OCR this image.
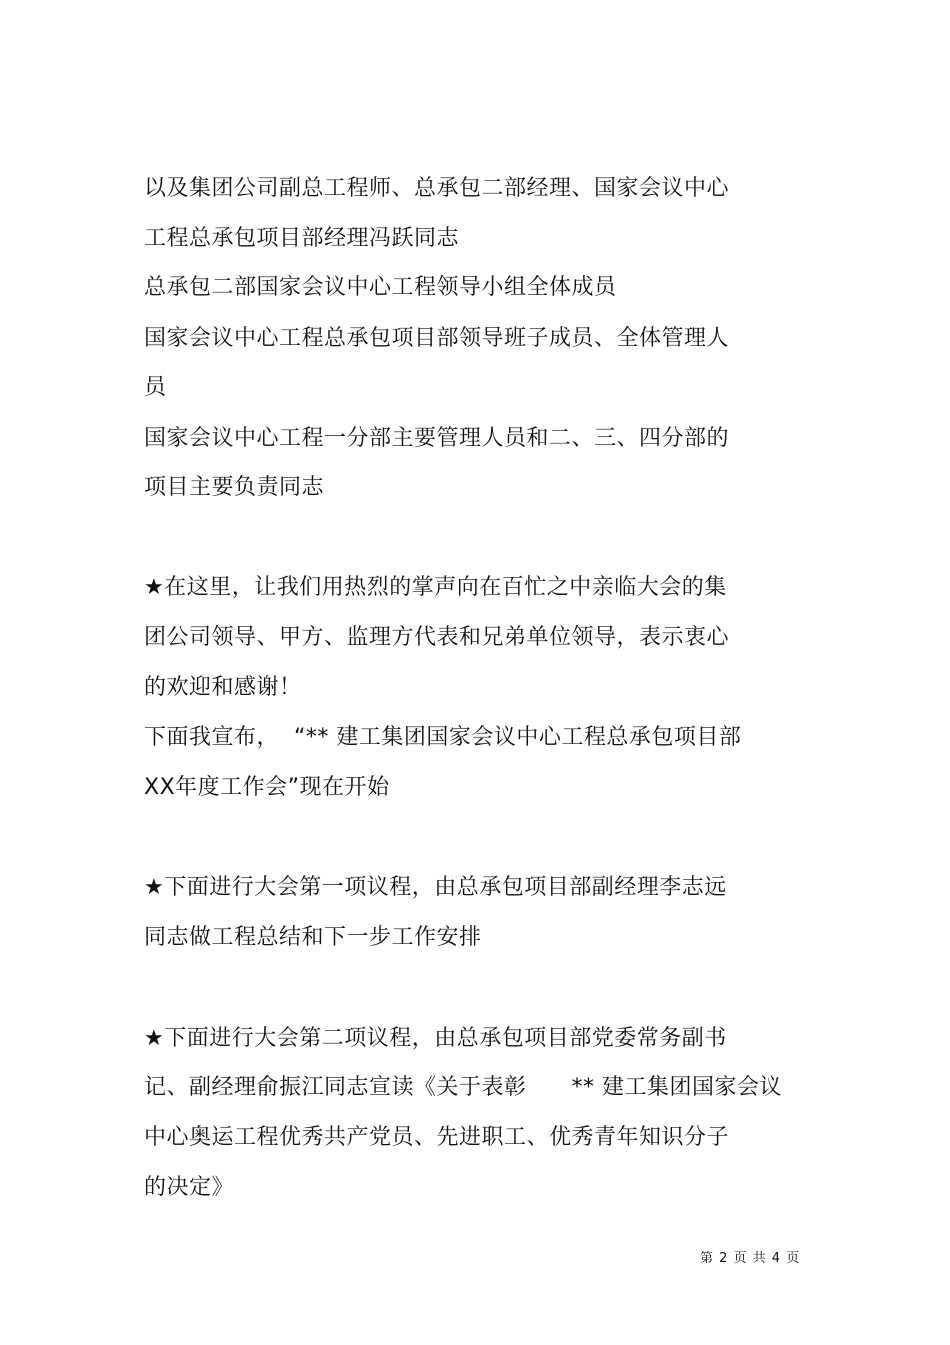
以及集团公司副总工程师、总承包二部经理、国家会议中心
工程总承包项目部经理冯跃同志
总承包二部国家会议中心工程领导小组全体成员
国家会议中心工程总承包项目部领导班子成员、全体管理人
员
国家会议中心工程一分部主要管理人员和二、三、四分部的
项目主要负责同志
★在这里，让我们用热烈的掌声向在百忙之中亲临大会的集
团公司领导、甲方、监理方代表和兄弟单位领导，表示衷心
的欢迎和感谢！
下面我宣布，  “** 建工集团国家会议中心工程总承包项目部
XX年度工作会”现在开始
★下面进行大会第一项议程，由总承包项目部副经理李志远
同志做工程总结和下一步工作安排
★下面进行大会第二项议程，由总承包项目部党委常务副书
记、副经理俞振江同志宣读《关于表彰      ** 建工集团国家会议
中心奥运工程优秀共产党员、先进职工、优秀青年知识分子
的决定》
第 2 页 共 4 页
